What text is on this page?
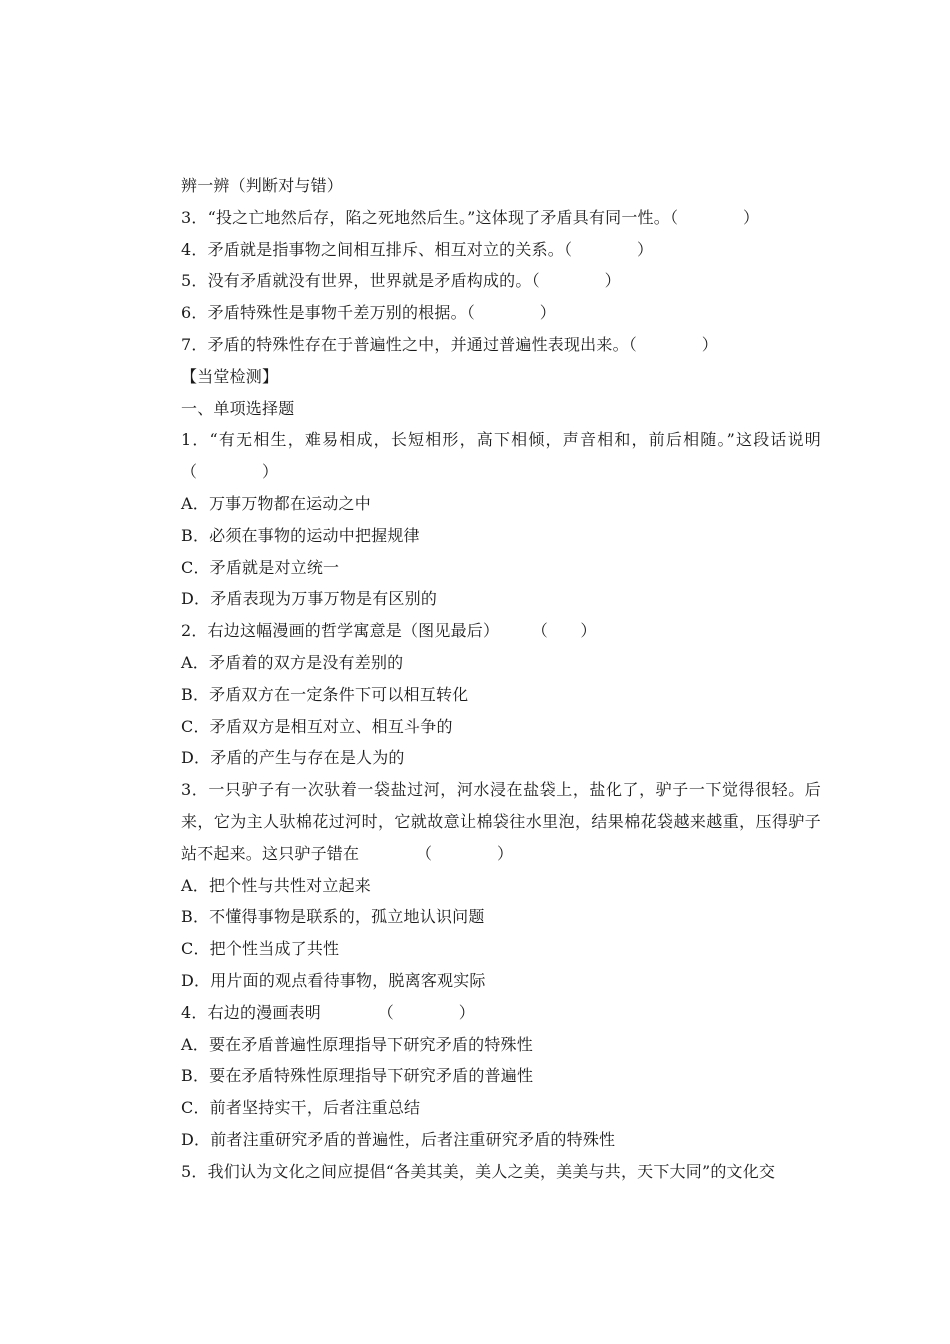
辨一辨（判断对与错）
3．“投之亡地然后存，陷之死地然后生。”这体现了矛盾具有同一性。（　　　　）
4．矛盾就是指事物之间相互排斥、相互对立的关系。（　　　　）
5．没有矛盾就没有世界，世界就是矛盾构成的。（　　　　）
6．矛盾特殊性是事物千差万别的根据。（　　　　）
7．矛盾的特殊性存在于普遍性之中，并通过普遍性表现出来。（　　　　）
【当堂检测】
一、单项选择题
1．“有无相生，难易相成，长短相形，高下相倾，声音相和，前后相随。”这段话说明　　　　（　　　　）
A．万事万物都在运动之中
B．必须在事物的运动中把握规律
C．矛盾就是对立统一
D．矛盾表现为万事万物是有区别的
2．右边这幅漫画的哲学寓意是（图见最后）　　　（　　）
A．矛盾着的双方是没有差别的
B．矛盾双方在一定条件下可以相互转化
C．矛盾双方是相互对立、相互斗争的
D．矛盾的产生与存在是人为的
3．一只驴子有一次驮着一袋盐过河，河水浸在盐袋上，盐化了，驴子一下觉得很轻。后来，它为主人驮棉花过河时，它就故意让棉袋往水里泡，结果棉花袋越来越重，压得驴子站不起来。这只驴子错在　　　　（　　　　）
A．把个性与共性对立起来
B．不懂得事物是联系的，孤立地认识问题
C．把个性当成了共性
D．用片面的观点看待事物，脱离客观实际
4．右边的漫画表明　　　　（　　　　）
A．要在矛盾普遍性原理指导下研究矛盾的特殊性
B．要在矛盾特殊性原理指导下研究矛盾的普遍性
C．前者坚持实干，后者注重总结
D．前者注重研究矛盾的普遍性，后者注重研究矛盾的特殊性
5．我们认为文化之间应提倡“各美其美，美人之美，美美与共，天下大同”的文化交
